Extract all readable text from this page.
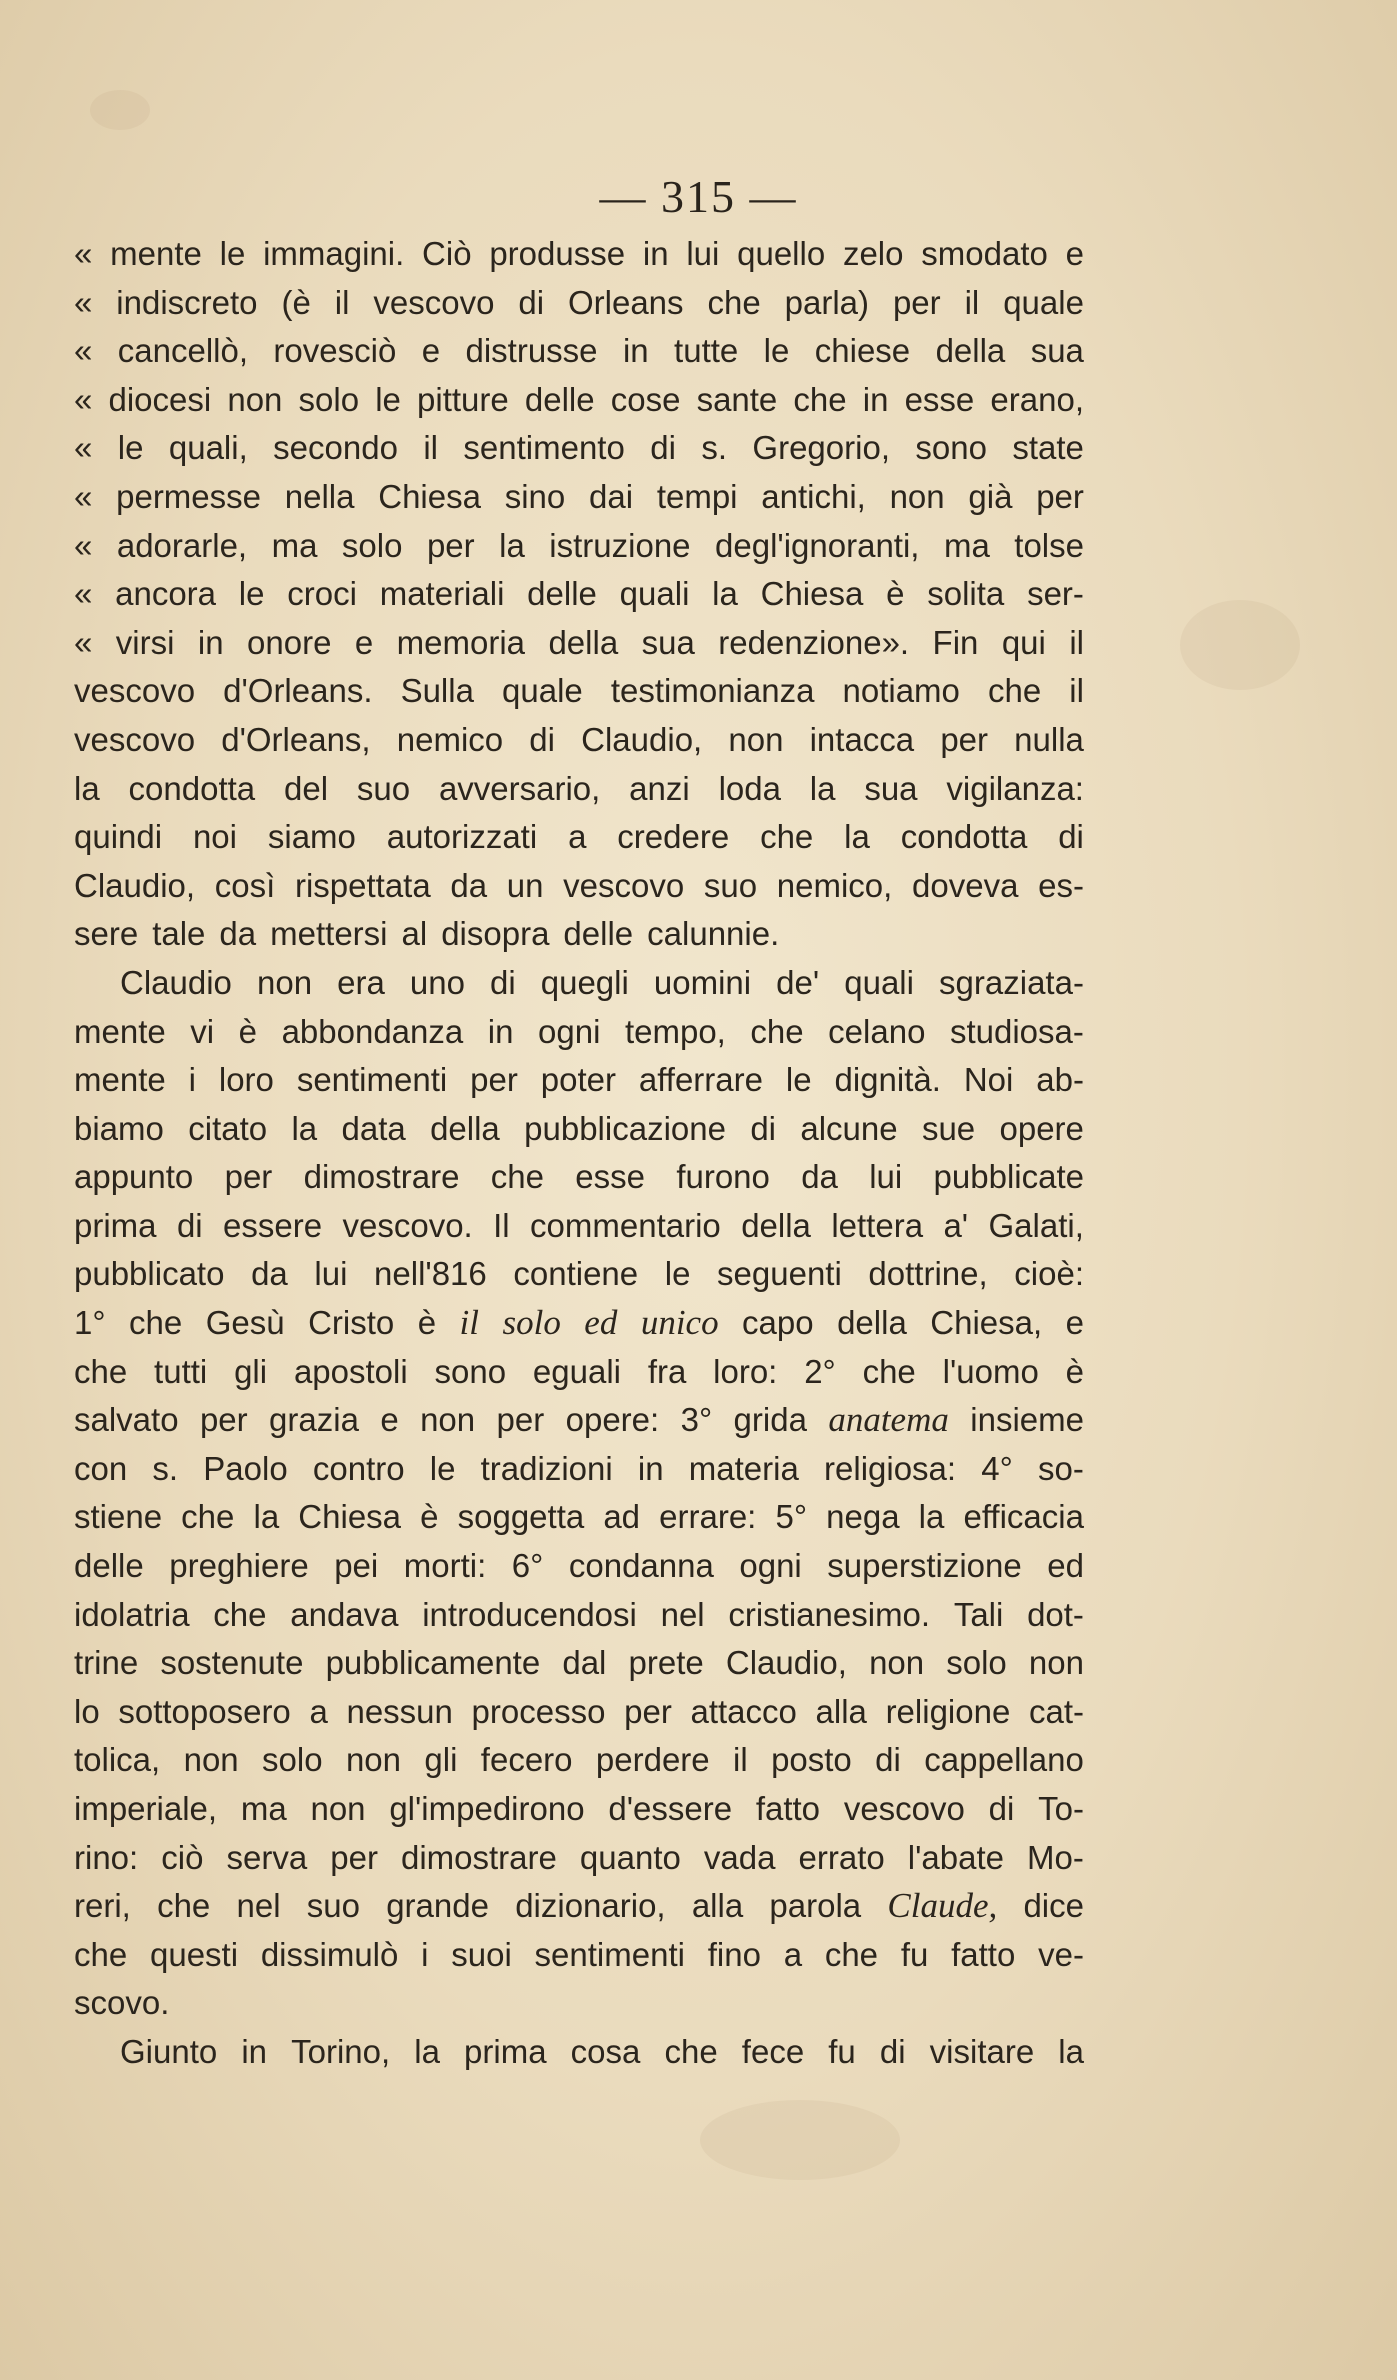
— 315 —
« mente le immagini. Ciò produsse in lui quello zelo smodato e
« indiscreto (è il vescovo di Orleans che parla) per il quale
« cancellò, rovesciò e distrusse in tutte le chiese della sua
« diocesi non solo le pitture delle cose sante che in esse erano,
« le quali, secondo il sentimento di s. Gregorio, sono state
« permesse nella Chiesa sino dai tempi antichi, non già per
« adorarle, ma solo per la istruzione degl'ignoranti, ma tolse
« ancora le croci materiali delle quali la Chiesa è solita ser-
« virsi in onore e memoria della sua redenzione». Fin qui il
vescovo d'Orleans. Sulla quale testimonianza notiamo che il
vescovo d'Orleans, nemico di Claudio, non intacca per nulla
la condotta del suo avversario, anzi loda la sua vigilanza:
quindi noi siamo autorizzati a credere che la condotta di
Claudio, così rispettata da un vescovo suo nemico, doveva es-
sere tale da mettersi al disopra delle calunnie.
Claudio non era uno di quegli uomini de' quali sgraziata-
mente vi è abbondanza in ogni tempo, che celano studiosa-
mente i loro sentimenti per poter afferrare le dignità. Noi ab-
biamo citato la data della pubblicazione di alcune sue opere
appunto per dimostrare che esse furono da lui pubblicate
prima di essere vescovo. Il commentario della lettera a' Galati,
pubblicato da lui nell'816 contiene le seguenti dottrine, cioè:
1° che Gesù Cristo è il solo ed unico capo della Chiesa, e
che tutti gli apostoli sono eguali fra loro: 2° che l'uomo è
salvato per grazia e non per opere: 3° grida anatema insieme
con s. Paolo contro le tradizioni in materia religiosa: 4° so-
stiene che la Chiesa è soggetta ad errare: 5° nega la efficacia
delle preghiere pei morti: 6° condanna ogni superstizione ed
idolatria che andava introducendosi nel cristianesimo. Tali dot-
trine sostenute pubblicamente dal prete Claudio, non solo non
lo sottoposero a nessun processo per attacco alla religione cat-
tolica, non solo non gli fecero perdere il posto di cappellano
imperiale, ma non gl'impedirono d'essere fatto vescovo di To-
rino: ciò serva per dimostrare quanto vada errato l'abate Mo-
reri, che nel suo grande dizionario, alla parola Claude, dice
che questi dissimulò i suoi sentimenti fino a che fu fatto ve-
scovo.
Giunto in Torino, la prima cosa che fece fu di visitare la
